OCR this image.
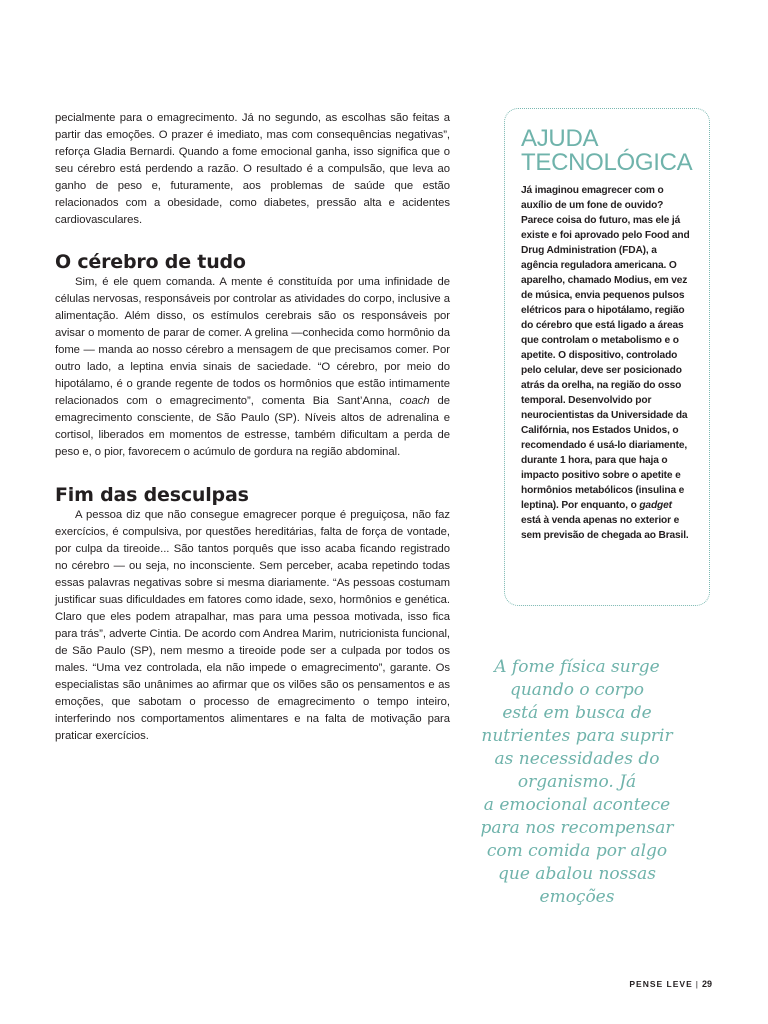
pecialmente para o emagrecimento. Já no segundo, as escolhas são feitas a partir das emoções. O prazer é imediato, mas com consequências negativas”, reforça Gladia Bernardi. Quando a fome emocional ganha, isso significa que o seu cérebro está perdendo a razão. O resultado é a compulsão, que leva ao ganho de peso e, futuramente, aos problemas de saúde que estão relacionados com a obesidade, como diabetes, pressão alta e acidentes cardiovasculares.

O cérebro de tudo

Sim, é ele quem comanda. A mente é constituída por uma infinidade de células nervosas, responsáveis por controlar as atividades do corpo, inclusive a alimentação. Além disso, os estímulos cerebrais são os responsáveis por avisar o momento de parar de comer. A grelina —conhecida como hormônio da fome — manda ao nosso cérebro a mensagem de que precisamos comer. Por outro lado, a leptina envia sinais de saciedade. “O cérebro, por meio do hipotálamo, é o grande regente de todos os hormônios que estão intimamente relacionados com o emagrecimento”, comenta Bia Sant’Anna, coach de emagrecimento consciente, de São Paulo (SP). Níveis altos de adrenalina e cortisol, liberados em momentos de estresse, também dificultam a perda de peso e, o pior, favorecem o acúmulo de gordura na região abdominal.

Fim das desculpas

A pessoa diz que não consegue emagrecer porque é preguiçosa, não faz exercícios, é compulsiva, por questões hereditárias, falta de força de vontade, por culpa da tireoide... São tantos porquês que isso acaba ficando registrado no cérebro — ou seja, no inconsciente. Sem perceber, acaba repetindo todas essas palavras negativas sobre si mesma diariamente. “As pessoas costumam justificar suas dificuldades em fatores como idade, sexo, hormônios e genética. Claro que eles podem atrapalhar, mas para uma pessoa motivada, isso fica para trás”, adverte Cintia. De acordo com Andrea Marim, nutricionista funcional, de São Paulo (SP), nem mesmo a tireoide pode ser a culpada por todos os males. “Uma vez controlada, ela não impede o emagrecimento”, garante. Os especialistas são unânimes ao afirmar que os vilões são os pensamentos e as emoções, que sabotam o processo de emagrecimento o tempo inteiro, interferindo nos comportamentos alimentares e na falta de motivação para praticar exercícios.

AJUDA
TECNOLÓGICA

Já imaginou emagrecer com o auxílio de um fone de ouvido? Parece coisa do futuro, mas ele já existe e foi aprovado pelo Food and Drug Administration (FDA), a agência reguladora americana. O aparelho, chamado Modius, em vez de música, envia pequenos pulsos elétricos para o hipotálamo, região do cérebro que está ligado a áreas que controlam o metabolismo e o apetite. O dispositivo, controlado pelo celular, deve ser posicionado atrás da orelha, na região do osso temporal. Desenvolvido por neurocientistas da Universidade da Califórnia, nos Estados Unidos, o recomendado é usá-lo diariamente, durante 1 hora, para que haja o impacto positivo sobre o apetite e hormônios metabólicos (insulina e leptina). Por enquanto, o gadget está à venda apenas no exterior e sem previsão de chegada ao Brasil.

A fome física surge
quando o corpo
está em busca de
nutrientes para suprir
as necessidades do
organismo. Já
a emocional acontece
para nos recompensar
com comida por algo
que abalou nossas
emoções
PENSE LEVE | 29
